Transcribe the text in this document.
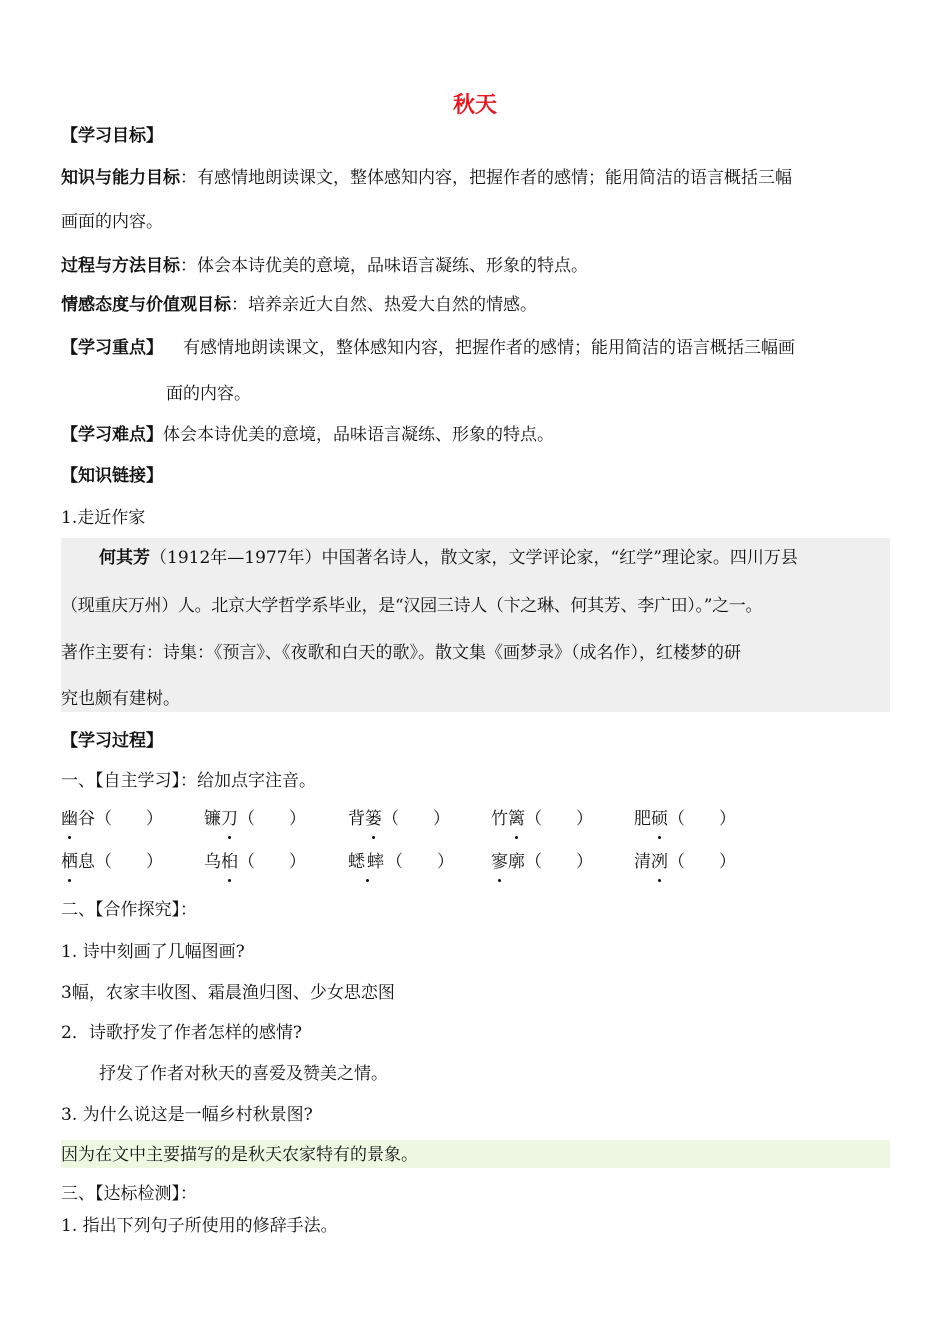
秋天
【学习目标】
知识与能力目标：有感情地朗读课文，整体感知内容，把握作者的感情；能用简洁的语言概括三幅
画面的内容。
过程与方法目标：体会本诗优美的意境，品味语言凝练、形象的特点。
情感态度与价值观目标：培养亲近大自然、热爱大自然的情感。
【学习重点】 有感情地朗读课文，整体感知内容，把握作者的感情；能用简洁的语言概括三幅画
面的内容。
【学习难点】体会本诗优美的意境，品味语言凝练、形象的特点。
【知识链接】
1.走近作家
何其芳（1912年—1977年）中国著名诗人，散文家，文学评论家，“红学”理论家。四川万县
（现重庆万州）人。北京大学哲学系毕业，是“汉园三诗人（卞之琳、何其芳、李广田）。”之一。
著作主要有：诗集：《预言》、《夜歌和白天的歌》。散文集《画梦录》（成名作），红楼梦的研
究也颇有建树。
【学习过程】
一、【自主学习】：给加点字注音。
幽谷（　　） 镰刀（　　） 背篓（　　） 竹篱（　　） 肥硕（　　）
栖息（　　） 乌桕（　　） 蟋蟀（　　） 寥廓（　　） 清冽（　　）
二、【合作探究】：
1. 诗中刻画了几幅图画?
3幅，农家丰收图、霜晨渔归图、少女思恋图
2．诗歌抒发了作者怎样的感情?
抒发了作者对秋天的喜爱及赞美之情。
3. 为什么说这是一幅乡村秋景图?
因为在文中主要描写的是秋天农家特有的景象。
三、【达标检测】：
1. 指出下列句子所使用的修辞手法。
